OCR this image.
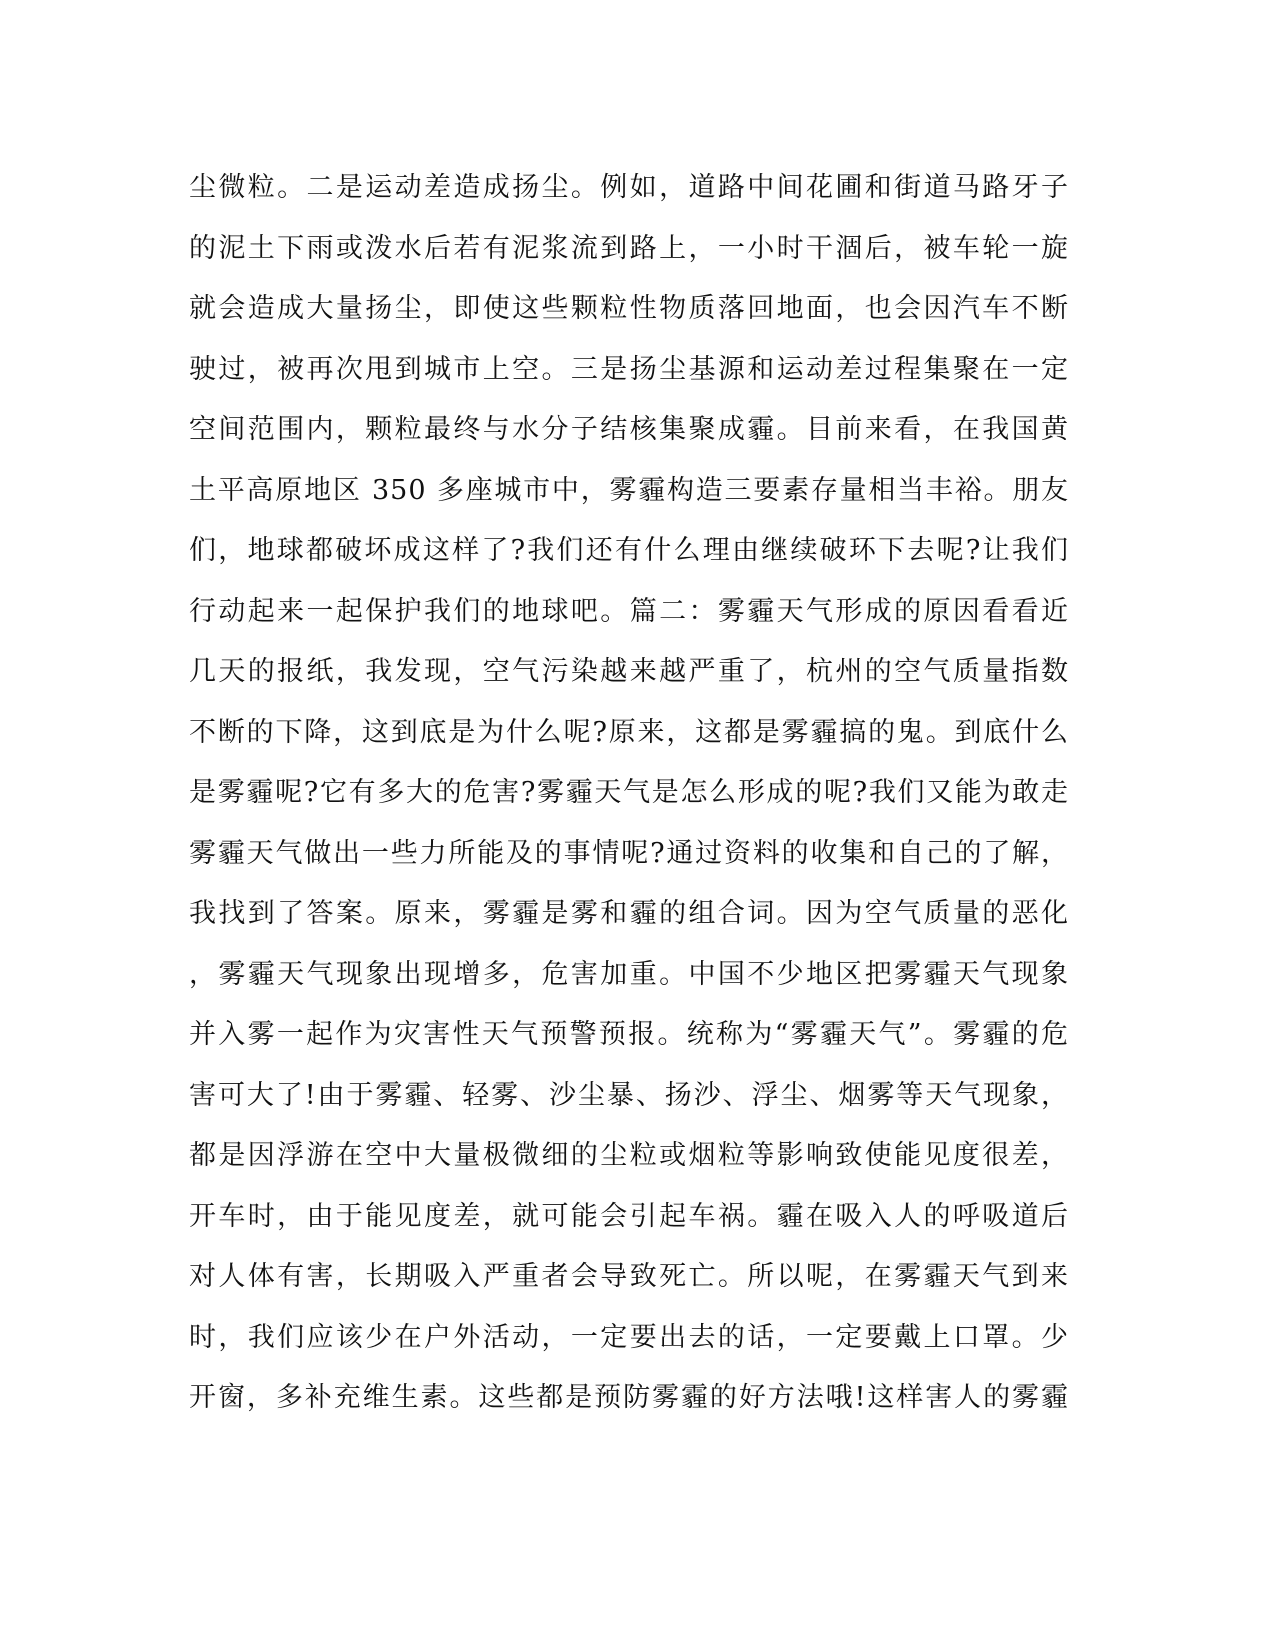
尘微粒。二是运动差造成扬尘。例如，道路中间花圃和街道马路牙子
的泥土下雨或泼水后若有泥浆流到路上，一小时干涸后，被车轮一旋
就会造成大量扬尘，即使这些颗粒性物质落回地面，也会因汽车不断
驶过，被再次甩到城市上空。三是扬尘基源和运动差过程集聚在一定
空间范围内，颗粒最终与水分子结核集聚成霾。目前来看，在我国黄
土平高原地区 350 多座城市中，雾霾构造三要素存量相当丰裕。朋友
们，地球都破坏成这样了?我们还有什么理由继续破环下去呢?让我们
行动起来一起保护我们的地球吧。篇二：雾霾天气形成的原因看看近
几天的报纸，我发现，空气污染越来越严重了，杭州的空气质量指数
不断的下降，这到底是为什么呢?原来，这都是雾霾搞的鬼。到底什么
是雾霾呢?它有多大的危害?雾霾天气是怎么形成的呢?我们又能为敢走
雾霾天气做出一些力所能及的事情呢?通过资料的收集和自己的了解，
我找到了答案。原来，雾霾是雾和霾的组合词。因为空气质量的恶化
，雾霾天气现象出现增多，危害加重。中国不少地区把雾霾天气现象
并入雾一起作为灾害性天气预警预报。统称为“雾霾天气”。雾霾的危
害可大了!由于雾霾、轻雾、沙尘暴、扬沙、浮尘、烟雾等天气现象，
都是因浮游在空中大量极微细的尘粒或烟粒等影响致使能见度很差，
开车时，由于能见度差，就可能会引起车祸。霾在吸入人的呼吸道后
对人体有害，长期吸入严重者会导致死亡。所以呢，在雾霾天气到来
时，我们应该少在户外活动，一定要出去的话，一定要戴上口罩。少
开窗，多补充维生素。这些都是预防雾霾的好方法哦!这样害人的雾霾
